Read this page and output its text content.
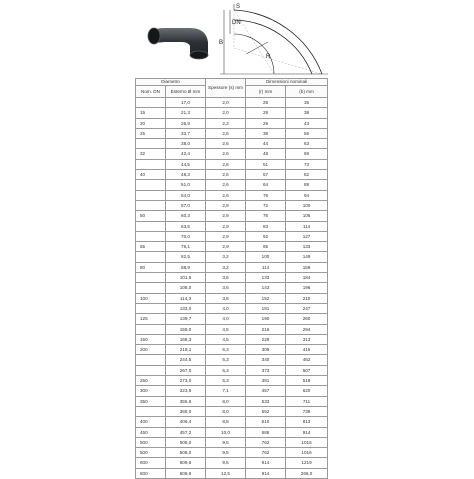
S
DN
B
R
Diametro		Spessore (s) mm	Dimensioni nominali	
Nom. DN	Esterno Ø mm		(r) mm	(b) mm
	17,0	2,0	28	35
15	21,3	2,0	28	38
20	26,9	2,3	29	43
25	33,7	2,6	38	56
	38,0	2,6	44	63
32	42,4	2,6	48	69
	44,5	2,6	51	73
40	48,3	2,6	57	82
	51,0	2,6	64	88
	54,0	2,6	76	94
	57,0	2,9	72	100
50	60,3	2,9	76	106
	63,5	2,9	83	114
	70,0	2,9	92	127
65	76,1	2,9	95	133
	82,5	3,2	100	149
80	88,9	3,2	114	159
	101,6	3,6	133	184
	108,0	3,6	143	196
100	114,3	3,6	152	210
	133,0	4,0	181	247
125	139,7	4,0	190	260
	159,0	4,5	216	294
150	168,3	4,5	229	313
200	219,1	6,3	305	415
	244,5	6,3	340	462
	267,0	6,3	373	507
250	273,0	6,3	381	518
300	323,9	7,1	457	620
350	355,6	8,0	533	711
	368,0	8,0	552	736
400	406,4	8,8	610	813
450	457,2	10,0	686	914
500	508,0	9,5	762	1016
500	508,0	9,5	762	1016
600	609,6	9,5	914	1219
600	609,6	12,5	914	266,0
